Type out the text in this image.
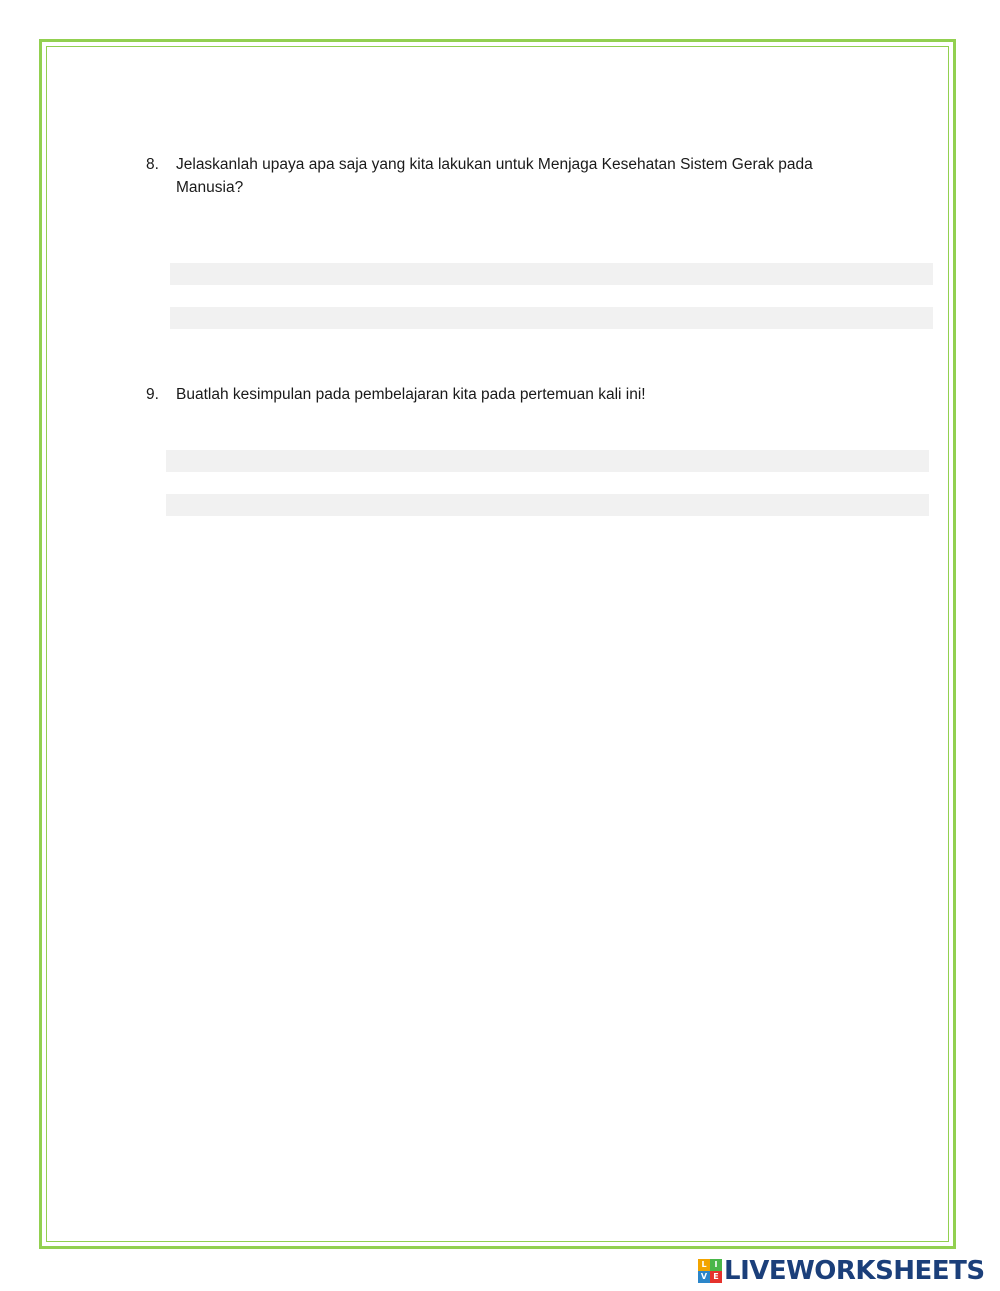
8.	Jelaskanlah upaya apa saja yang kita lakukan untuk Menjaga Kesehatan Sistem Gerak pada Manusia?
9.	Buatlah kesimpulan pada pembelajaran kita pada pertemuan kali ini!
L I
V E LIVEWORKSHEETS
